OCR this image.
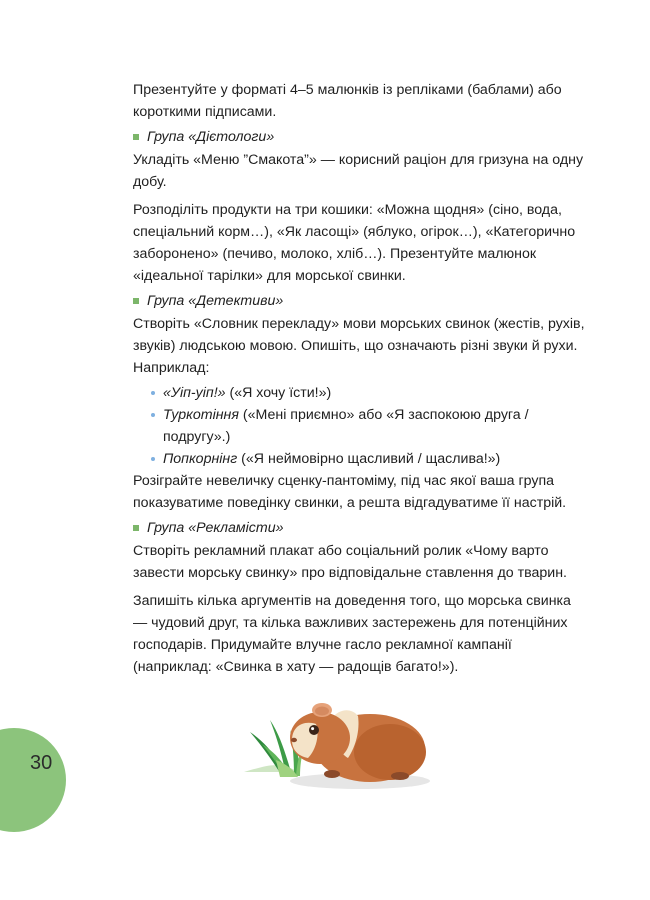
Презентуйте у форматі 4–5 малюнків із репліками (баблами) або короткими підписами.

Група «Дієтологи»

Укладіть «Меню ”Смакота”» — корисний раціон для гризуна на одну добу.

Розподіліть продукти на три кошики: «Можна щодня» (сіно, вода, спеціальний корм…), «Як ласощі» (яблуко, огірок…), «Категорично заборонено» (печиво, молоко, хліб…). Презентуйте малюнок «ідеальної тарілки» для морської свинки.

Група «Детективи»

Створіть «Словник перекладу» мови морських свинок (жестів, рухів, звуків) людською мовою. Опишіть, що означають різні звуки й рухи. Наприклад:

«Уіп-уіп!» («Я хочу їсти!»)
Туркотіння («Мені приємно» або «Я заспокоюю друга / подругу».)
Попкорнінг («Я неймовірно щасливий / щаслива!»)

Розіграйте невеличку сценку-пантоміму, під час якої ваша група показуватиме поведінку свинки, а решта відгадуватиме її настрій.

Група «Рекламісти»

Створіть рекламний плакат або соціальний ролик «Чому варто завести морську свинку» про відповідальне ставлення до тварин.

Запишіть кілька аргументів на доведення того, що морська свинка — чудовий друг, та кілька важливих застережень для потенційних господарів. Придумайте влучне гасло рекламної кампанії (наприклад: «Свинка в хату — радощів багато!»).

30
